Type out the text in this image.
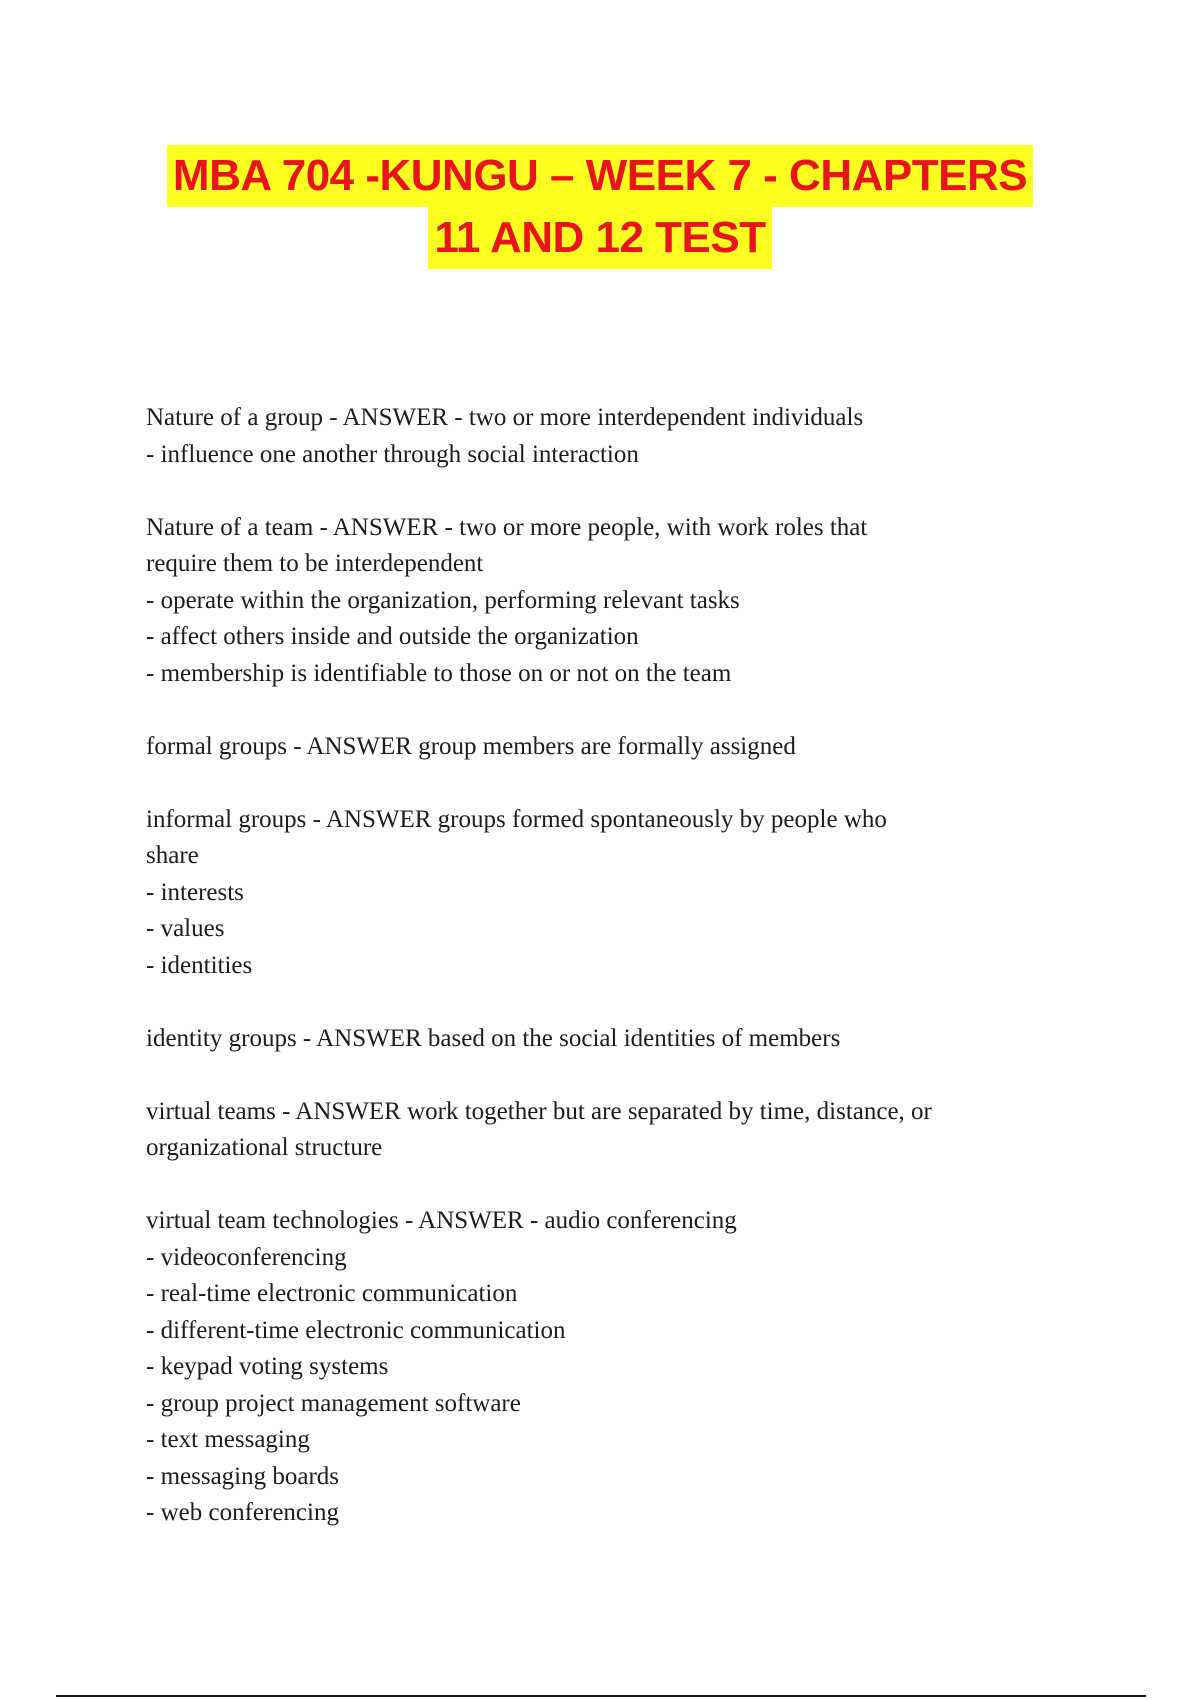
MBA 704 -KUNGU – WEEK 7 - CHAPTERS
11 AND 12 TEST
Nature of a group - ANSWER - two or more interdependent individuals
- influence one another through social interaction
Nature of a team - ANSWER - two or more people, with work roles that
require them to be interdependent
- operate within the organization, performing relevant tasks
- affect others inside and outside the organization
- membership is identifiable to those on or not on the team
formal groups - ANSWER group members are formally assigned
informal groups - ANSWER groups formed spontaneously by people who
share
- interests
- values
- identities
identity groups - ANSWER based on the social identities of members
virtual teams - ANSWER work together but are separated by time, distance, or
organizational structure
virtual team technologies - ANSWER - audio conferencing
- videoconferencing
- real-time electronic communication
- different-time electronic communication
- keypad voting systems
- group project management software
- text messaging
- messaging boards
- web conferencing
